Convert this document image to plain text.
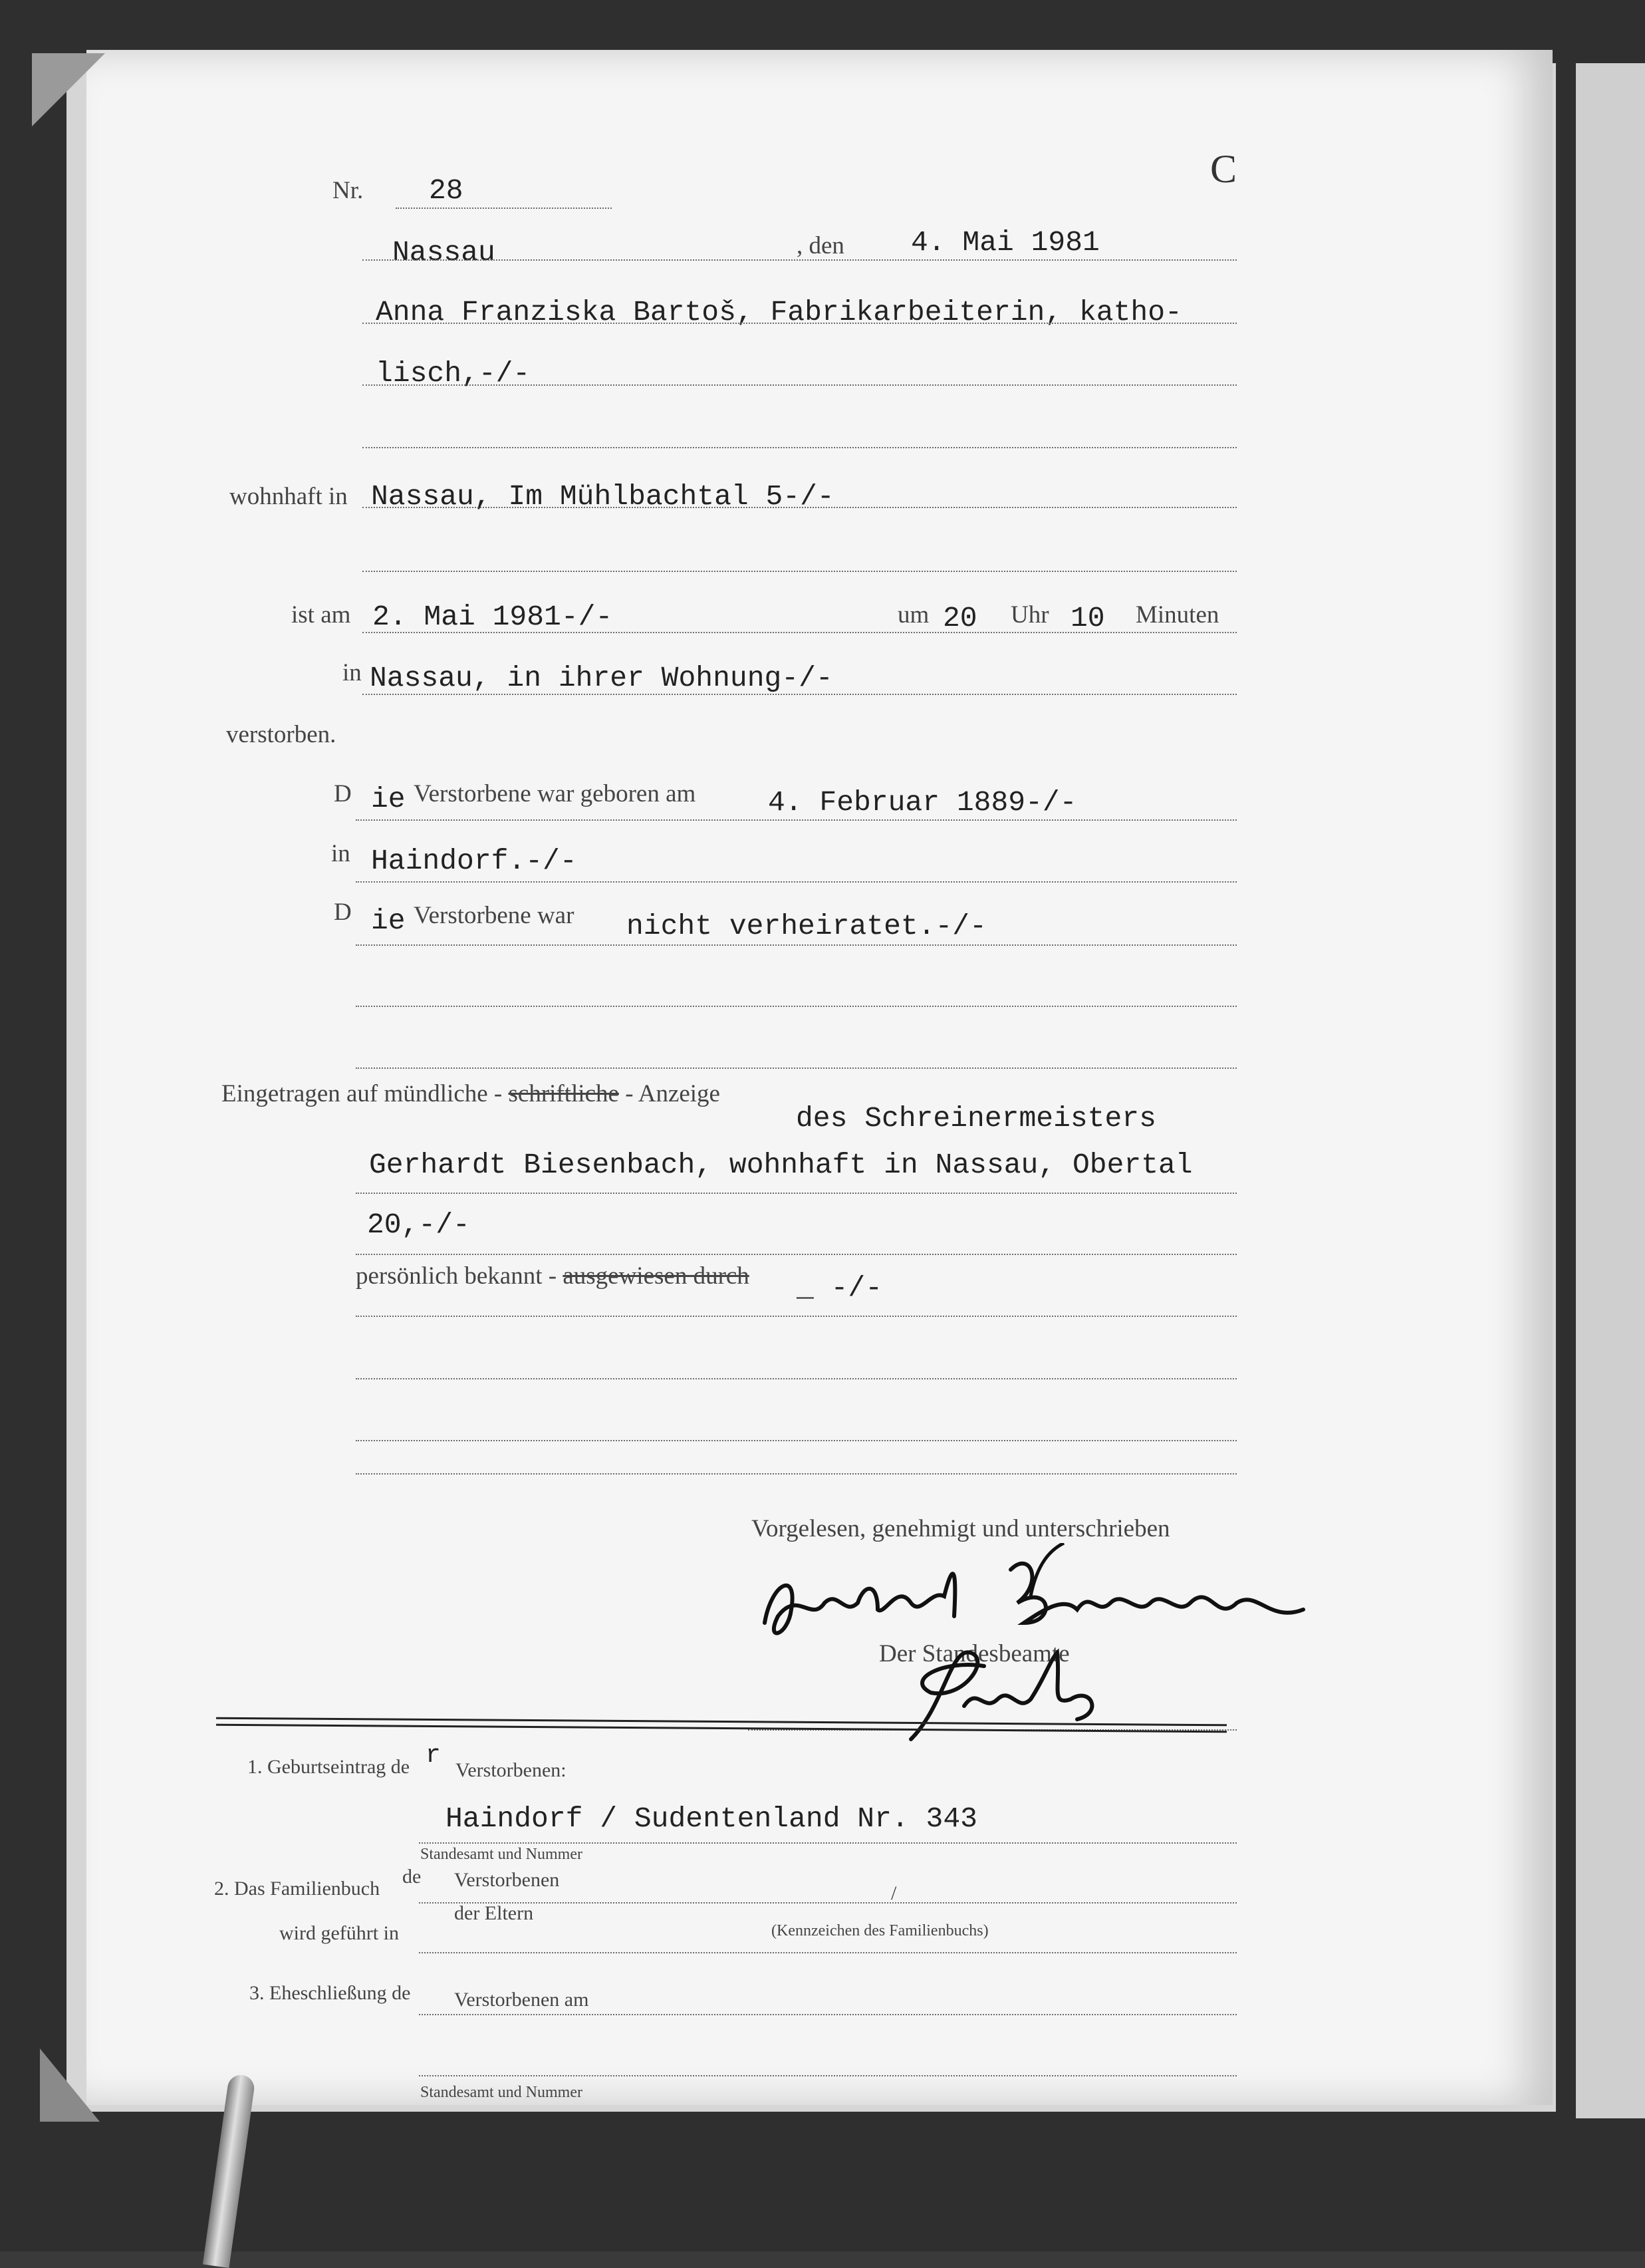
Nr. 28	C
Nassau	, den 4. Mai 1981
Anna Franziska Bartoš, Fabrikarbeiterin, katho-
lisch,-/-
wohnhaft in Nassau, Im Mühlbachtal 5-/-
ist am 2. Mai 1981-/-	um 20 Uhr 10 Minuten
in Nassau, in ihrer Wohnung-/-
verstorben.
D ie Verstorbene war geboren am	4. Februar 1889-/-
in Haindorf.-/-
D ie Verstorbene war nicht verheiratet.-/-
Eingetragen auf mündliche - schriftliche - Anzeige
des Schreinermeisters
Gerhardt Biesenbach, wohnhaft in Nassau, Obertal
20,-/-
persönlich bekannt - ausgewiesen durch _ -/-
Vorgelesen, genehmigt und unterschrieben
Der Standesbeamte
1. Geburtseintrag de r
Verstorbenen:
Haindorf / Sudentenland Nr. 343
Standesamt und Nummer
2. Das Familienbuch
de Verstorbenen
der Eltern
/
(Kennzeichen des Familienbuchs)
wird geführt in
3. Eheschließung de Verstorbenen am
Standesamt und Nummer
